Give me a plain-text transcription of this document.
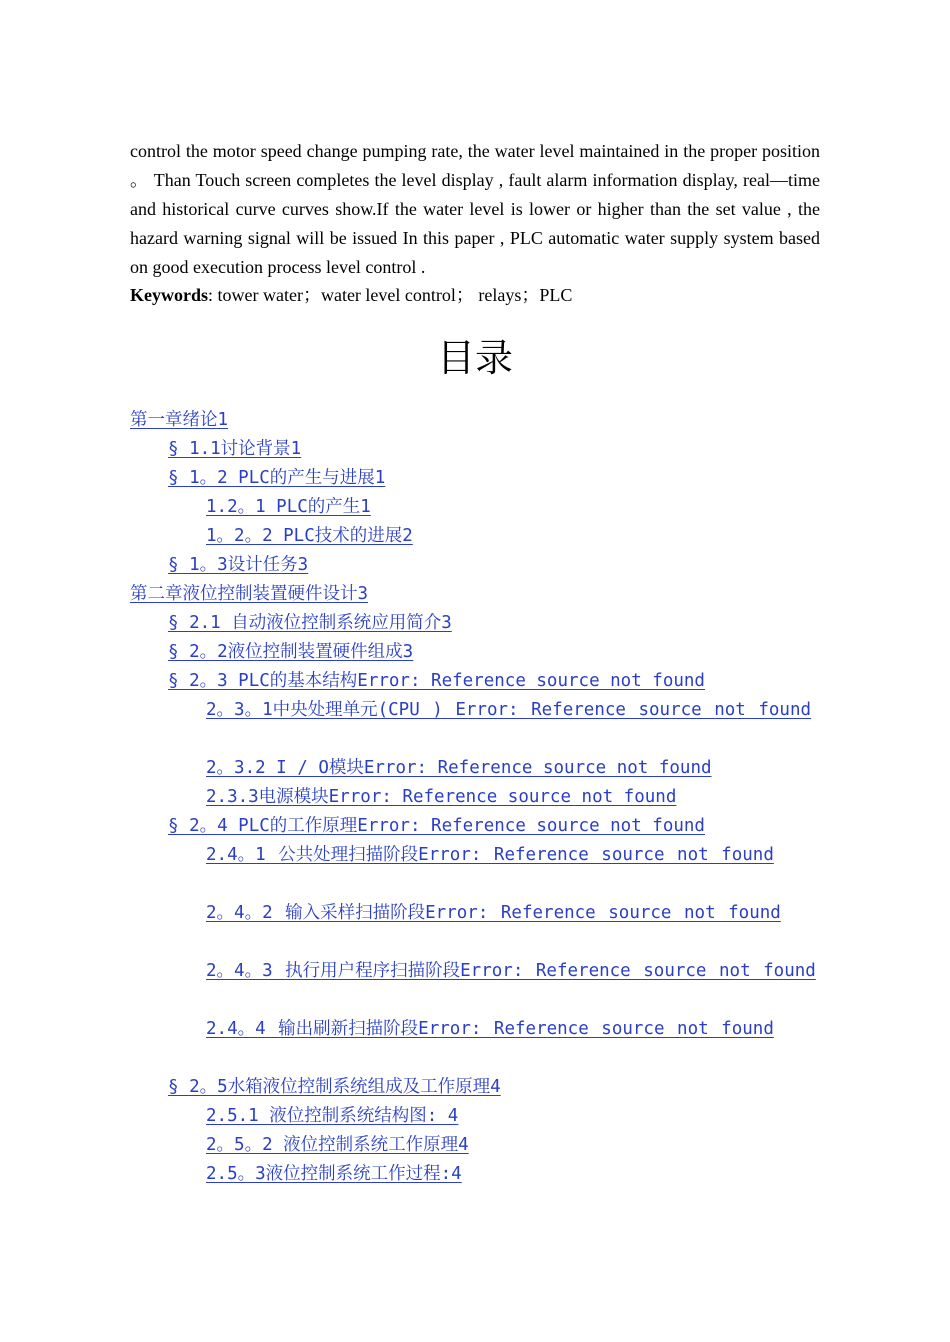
control the motor speed change pumping rate, the water level maintained in the proper position 。 Than Touch screen completes the level display , fault alarm information display, real—time and historical curve curves show.If the water level is lower or higher than the set value , the hazard warning signal will be issued In this paper , PLC automatic water supply system based on good execution process level control .
Keywords: tower water；water level control； relays；PLC
目录
第一章绪论1
§ 1.1讨论背景1
§ 1。2 PLC的产生与进展1
1.2。1 PLC的产生1
1。2。2 PLC技术的进展2
§ 1。3设计任务3
第二章液位控制装置硬件设计3
§ 2.1 自动液位控制系统应用简介3
§ 2。2液位控制装置硬件组成3
§ 2。3 PLC的基本结构Error: Reference source not found
2。3。1中央处理单元(CPU ) Error: Reference source not found
2。3.2 I / O模块Error: Reference source not found
2.3.3电源模块Error: Reference source not found
§ 2。4 PLC的工作原理Error: Reference source not found
2.4。1 公共处理扫描阶段Error: Reference source not found
2。4。2 输入采样扫描阶段Error: Reference source not found
2。4。3 执行用户程序扫描阶段Error: Reference source not found
2.4。4 输出刷新扫描阶段Error: Reference source not found
§ 2。5水箱液位控制系统组成及工作原理4
2.5.1 液位控制系统结构图: 4
2。5。2 液位控制系统工作原理4
2.5。3液位控制系统工作过程:4
